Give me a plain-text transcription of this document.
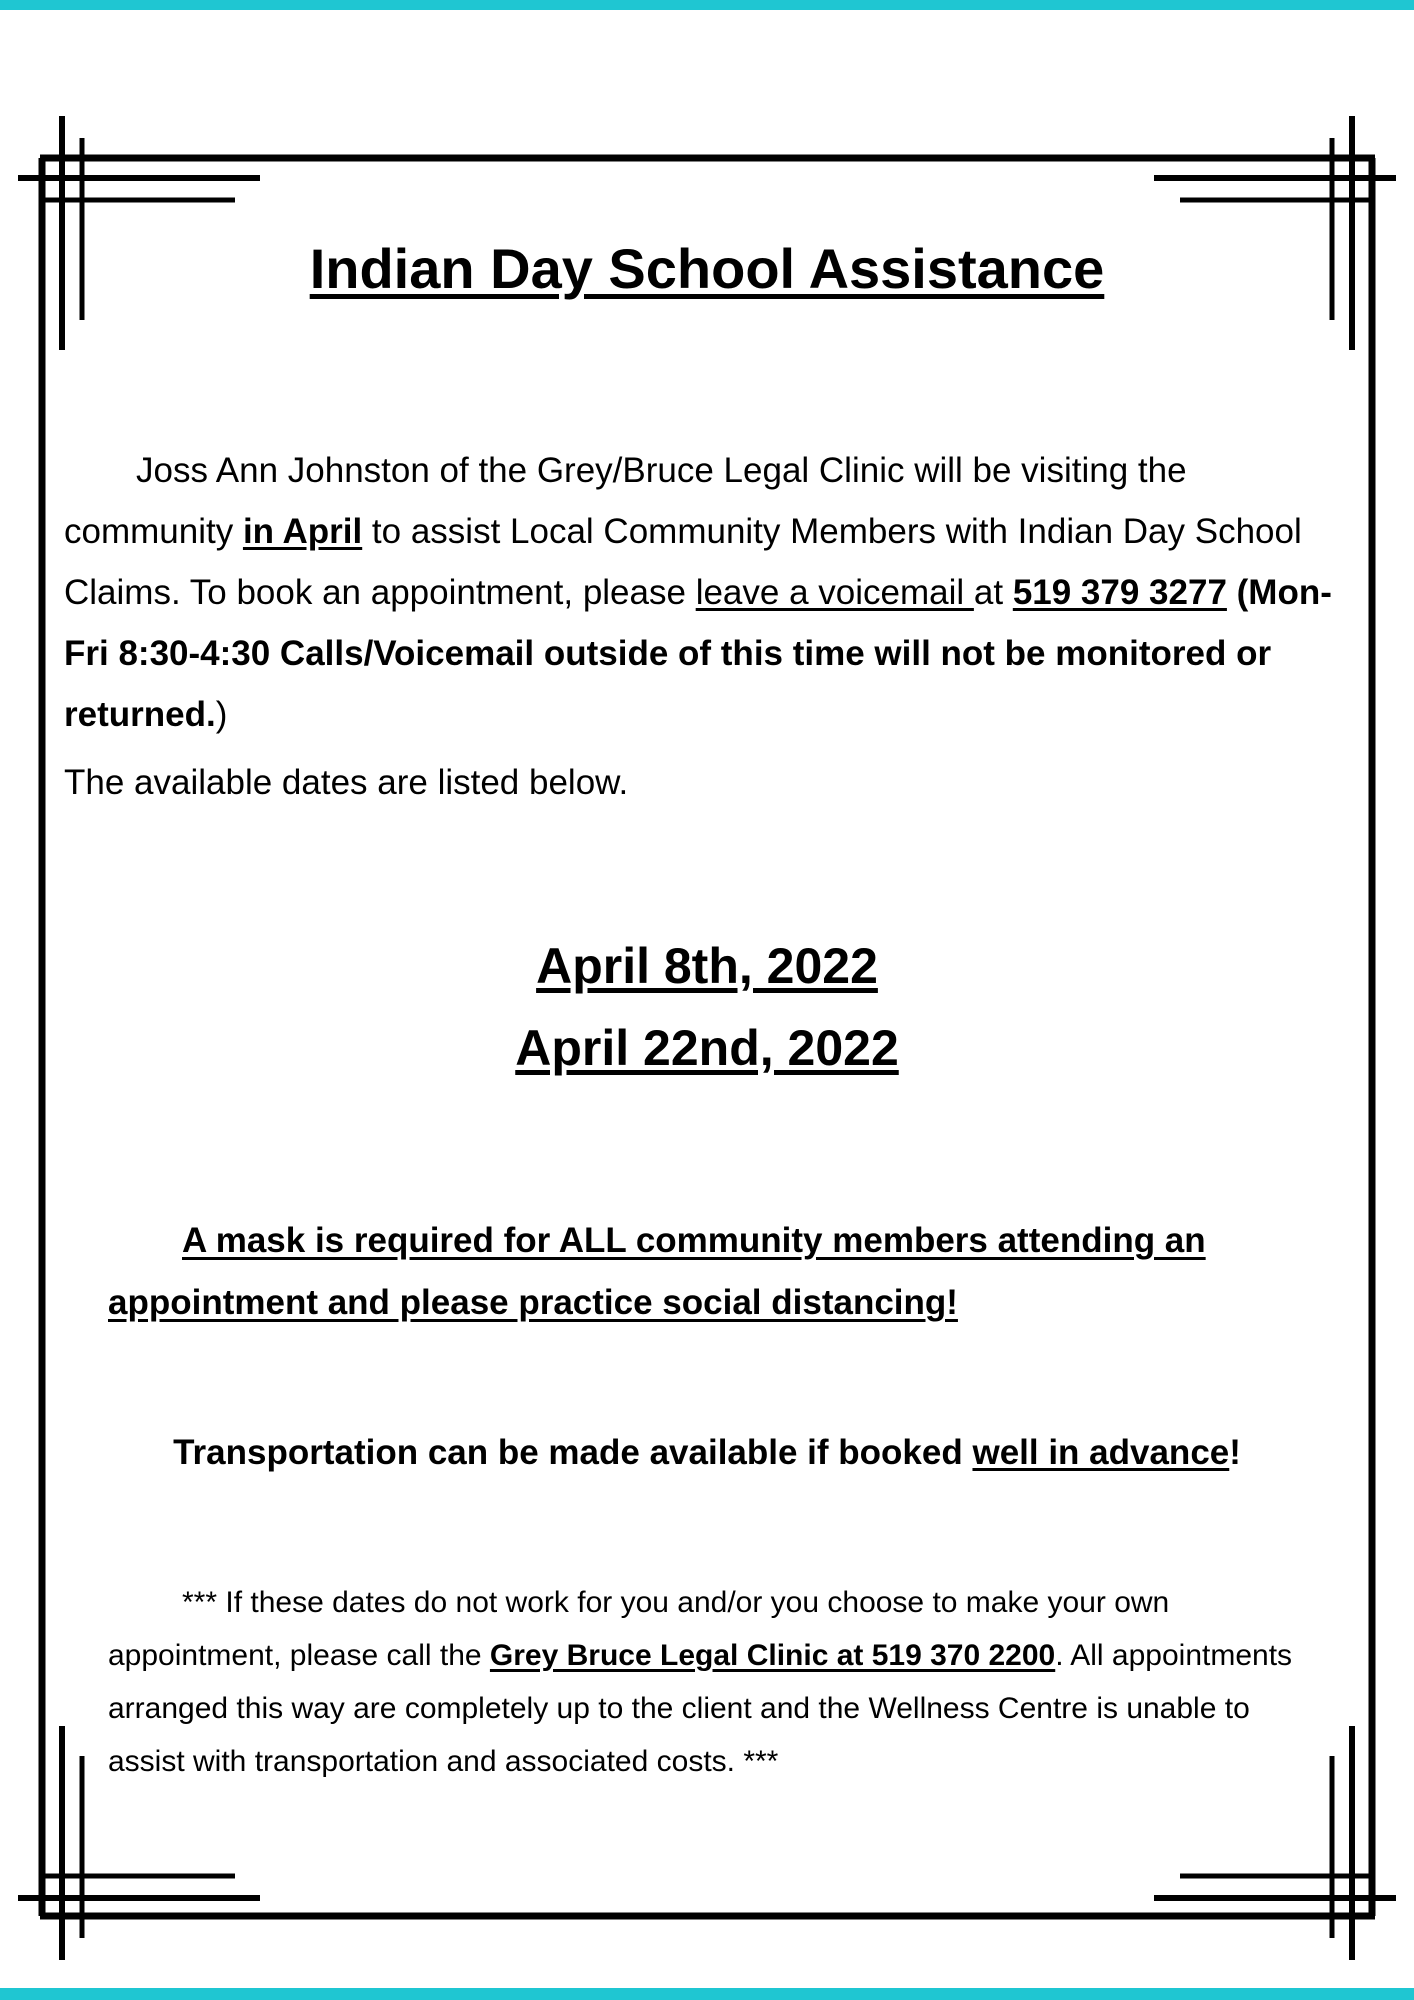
Indian Day School Assistance

Joss Ann Johnston of the Grey/Bruce Legal Clinic will be visiting the community in April to assist Local Community Members with Indian Day School Claims. To book an appointment, please leave a voicemail at 519 379 3277 (Mon-Fri 8:30-4:30 Calls/Voicemail outside of this time will not be monitored or returned.)

The available dates are listed below.

April 8th, 2022
April 22nd, 2022

A mask is required for ALL community members attending an appointment and please practice social distancing!

Transportation can be made available if booked well in advance!

*** If these dates do not work for you and/or you choose to make your own appointment, please call the Grey Bruce Legal Clinic at 519 370 2200. All appointments arranged this way are completely up to the client and the Wellness Centre is unable to assist with transportation and associated costs. ***
